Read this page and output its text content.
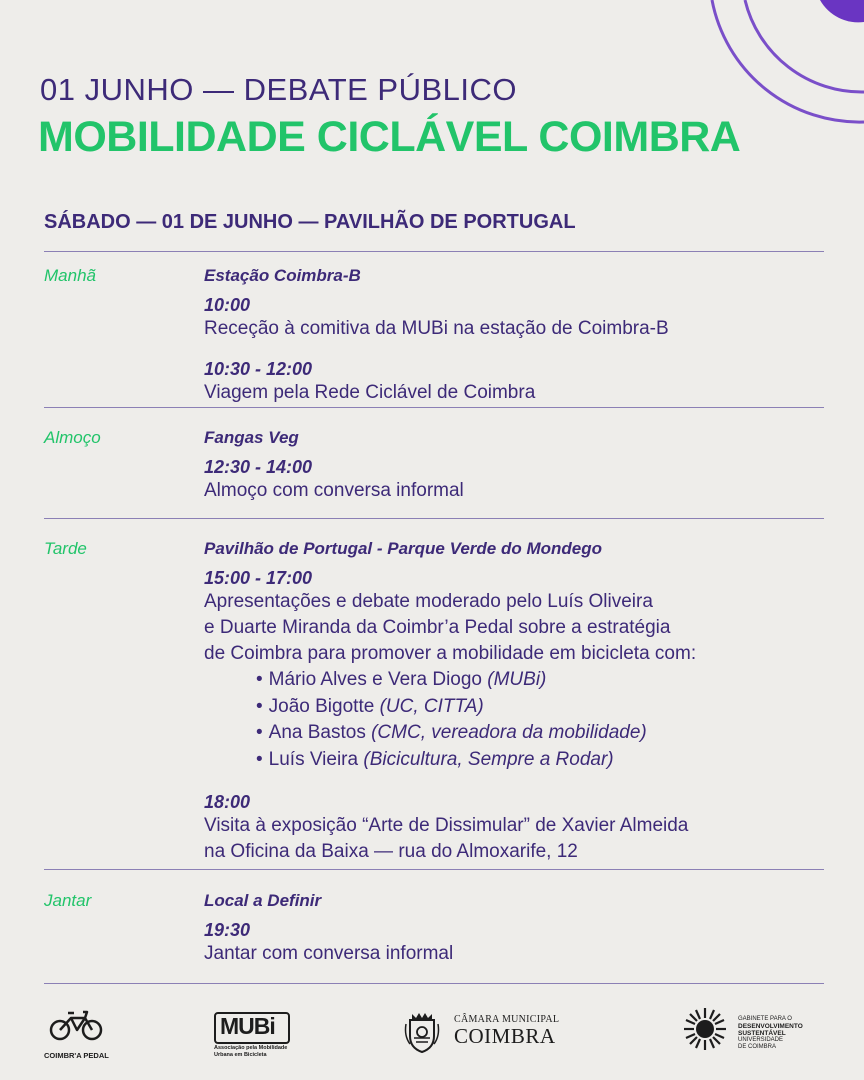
01 JUNHO — DEBATE PÚBLICO
MOBILIDADE CICLÁVEL COIMBRA
SÁBADO — 01 DE JUNHO — PAVILHÃO DE PORTUGAL
Manhã	Estação Coimbra-B
10:00
Receção à comitiva da MUBi na estação de Coimbra-B
10:30 - 12:00
Viagem pela Rede Ciclável de Coimbra
Almoço	Fangas Veg
12:30 - 14:00
Almoço com conversa informal
Tarde	Pavilhão de Portugal - Parque Verde do Mondego
15:00 - 17:00
Apresentações e debate moderado pelo Luís Oliveira
e Duarte Miranda da Coimbr’a Pedal sobre a estratégia
de Coimbra para promover a mobilidade em bicicleta com:
• Mário Alves e Vera Diogo (MUBi)
• João Bigotte (UC, CITTA)
• Ana Bastos (CMC, vereadora da mobilidade)
• Luís Vieira (Bicicultura, Sempre a Rodar)
18:00
Visita à exposição “Arte de Dissimular” de Xavier Almeida
na Oficina da Baixa — rua do Almoxarife, 12
Jantar	Local a Definir
19:30
Jantar com conversa informal
COIMBR'A PEDAL
MUBi
Associação pela Mobilidade
Urbana em Bicicleta
CÂMARA MUNICIPAL
COIMBRA
GABINETE PARA O
DESENVOLVIMENTO
SUSTENTÁVEL
UNIVERSIDADE
DE COIMBRA
